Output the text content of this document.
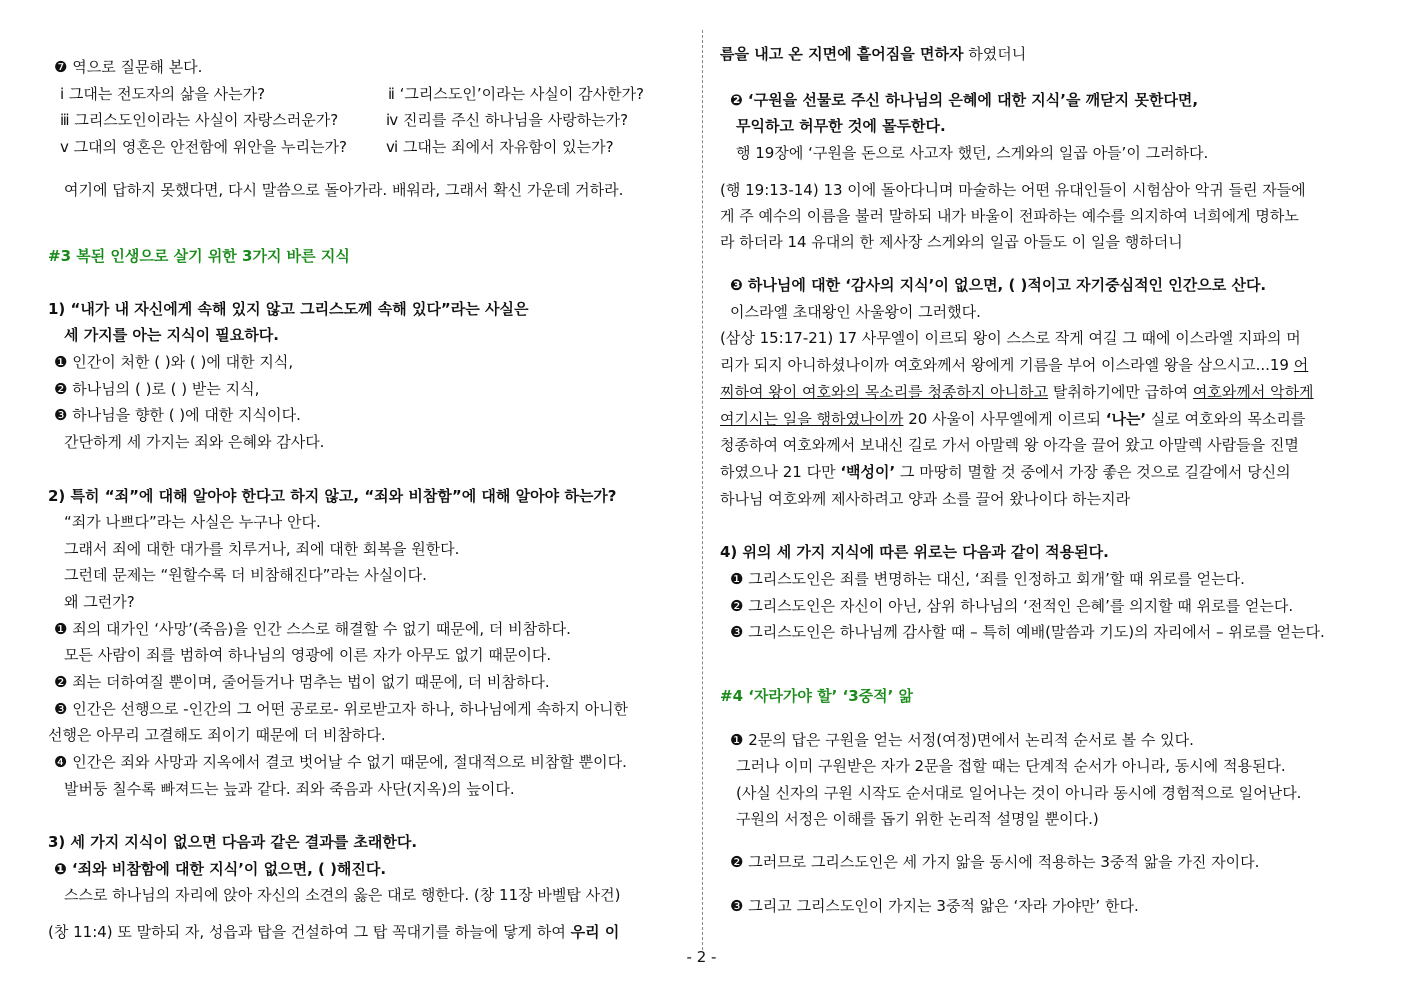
❼ 역으로 질문해 본다.
ⅰ 그대는 전도자의 삶을 사는가?	ⅱ ‘그리스도인’이라는 사실이 감사한가?
ⅲ 그리스도인이라는 사실이 자랑스러운가?	ⅳ 진리를 주신 하나님을 사랑하는가?
ⅴ 그대의 영혼은 안전함에 위안을 누리는가?	ⅵ 그대는 죄에서 자유함이 있는가?
여기에 답하지 못했다면, 다시 말씀으로 돌아가라. 배워라, 그래서 확신 가운데 거하라.
#3 복된 인생으로 살기 위한 3가지 바른 지식
1) “내가 내 자신에게 속해 있지 않고 그리스도께 속해 있다”라는 사실은
세 가지를 아는 지식이 필요하다.
❶ 인간이 처한 ( )와 ( )에 대한 지식,
❷ 하나님의 ( )로 ( ) 받는 지식,
❸ 하나님을 향한 ( )에 대한 지식이다.
간단하게 세 가지는 죄와 은혜와 감사다.
2) 특히 “죄”에 대해 알아야 한다고 하지 않고, “죄와 비참함”에 대해 알아야 하는가?
“죄가 나쁘다”라는 사실은 누구나 안다.
그래서 죄에 대한 대가를 치루거나, 죄에 대한 회복을 원한다.
그런데 문제는 “원할수록 더 비참해진다”라는 사실이다.
왜 그런가?
❶ 죄의 대가인 ‘사망’(죽음)을 인간 스스로 해결할 수 없기 때문에, 더 비참하다.
모든 사람이 죄를 범하여 하나님의 영광에 이른 자가 아무도 없기 때문이다.
❷ 죄는 더하여질 뿐이며, 줄어들거나 멈추는 법이 없기 때문에, 더 비참하다.
❸ 인간은 선행으로 -인간의 그 어떤 공로로- 위로받고자 하나, 하나님에게 속하지 아니한
선행은 아무리 고결해도 죄이기 때문에 더 비참하다.
❹ 인간은 죄와 사망과 지옥에서 결코 벗어날 수 없기 때문에, 절대적으로 비참할 뿐이다.
발버둥 칠수록 빠져드는 늪과 같다. 죄와 죽음과 사단(지옥)의 늪이다.
3) 세 가지 지식이 없으면 다음과 같은 결과를 초래한다.
❶ ‘죄와 비참함에 대한 지식’이 없으면, ( )해진다.
스스로 하나님의 자리에 앉아 자신의 소견의 옳은 대로 행한다. (창 11장 바벨탑 사건)
(창 11:4) 또 말하되 자, 성읍과 탑을 건설하여 그 탑 꼭대기를 하늘에 닿게 하여 우리 이
름을 내고 온 지면에 흩어짐을 면하자 하였더니
❷ ‘구원을 선물로 주신 하나님의 은혜에 대한 지식’을 깨닫지 못한다면,
무익하고 허무한 것에 몰두한다.
행 19장에 ‘구원을 돈으로 사고자 했던, 스게와의 일곱 아들’이 그러하다.
(행 19:13-14) 13 이에 돌아다니며 마술하는 어떤 유대인들이 시험삼아 악귀 들린 자들에
게 주 예수의 이름을 불러 말하되 내가 바울이 전파하는 예수를 의지하여 너희에게 명하노
라 하더라 14 유대의 한 제사장 스게와의 일곱 아들도 이 일을 행하더니
❸ 하나님에 대한 ‘감사의 지식’이 없으면, ( )적이고 자기중심적인 인간으로 산다.
이스라엘 초대왕인 사울왕이 그러했다.
(삼상 15:17-21) 17 사무엘이 이르되 왕이 스스로 작게 여길 그 때에 이스라엘 지파의 머
리가 되지 아니하셨나이까 여호와께서 왕에게 기름을 부어 이스라엘 왕을 삼으시고...19 어
찌하여 왕이 여호와의 목소리를 청종하지 아니하고 탈취하기에만 급하여 여호와께서 악하게
여기시는 일을 행하였나이까 20 사울이 사무엘에게 이르되 ‘나는’ 실로 여호와의 목소리를
청종하여 여호와께서 보내신 길로 가서 아말렉 왕 아각을 끌어 왔고 아말렉 사람들을 진멸
하였으나 21 다만 ‘백성이’ 그 마땅히 멸할 것 중에서 가장 좋은 것으로 길갈에서 당신의
하나님 여호와께 제사하려고 양과 소를 끌어 왔나이다 하는지라
4) 위의 세 가지 지식에 따른 위로는 다음과 같이 적용된다.
❶ 그리스도인은 죄를 변명하는 대신, ‘죄를 인정하고 회개’할 때 위로를 얻는다.
❷ 그리스도인은 자신이 아닌, 삼위 하나님의 ‘전적인 은혜’를 의지할 때 위로를 얻는다.
❸ 그리스도인은 하나님께 감사할 때 – 특히 예배(말씀과 기도)의 자리에서 – 위로를 얻는다.
#4 ‘자라가야 할’ ‘3중적’ 앎
❶ 2문의 답은 구원을 얻는 서정(여정)면에서 논리적 순서로 볼 수 있다.
그러나 이미 구원받은 자가 2문을 접할 때는 단계적 순서가 아니라, 동시에 적용된다.
(사실 신자의 구원 시작도 순서대로 일어나는 것이 아니라 동시에 경험적으로 일어난다.
구원의 서정은 이해를 돕기 위한 논리적 설명일 뿐이다.)
❷ 그러므로 그리스도인은 세 가지 앎을 동시에 적용하는 3중적 앎을 가진 자이다.
❸ 그리고 그리스도인이 가지는 3중적 앎은 ‘자라 가야만’ 한다.
- 2 -
